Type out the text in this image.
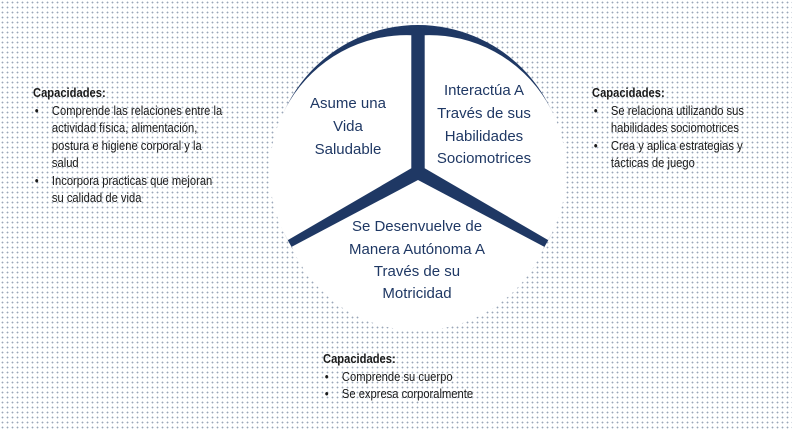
Asume una
Vida
Saludable
Interactúa A
Través de sus
Habilidades
Sociomotrices
Se Desenvuelve de
Manera Autónoma A
Través de su
Motricidad

Capacidades:

• Comprende las relaciones entre la
actividad física, alimentación,
postura e higiene corporal y la
salud
• Incorpora practicas que mejoran
su calidad de vida

Capacidades:

• Se relaciona utilizando sus
habilidades sociomotrices
• Crea y aplica estrategias y
tácticas de juego

Capacidades:

• Comprende su cuerpo
• Se expresa corporalmente
